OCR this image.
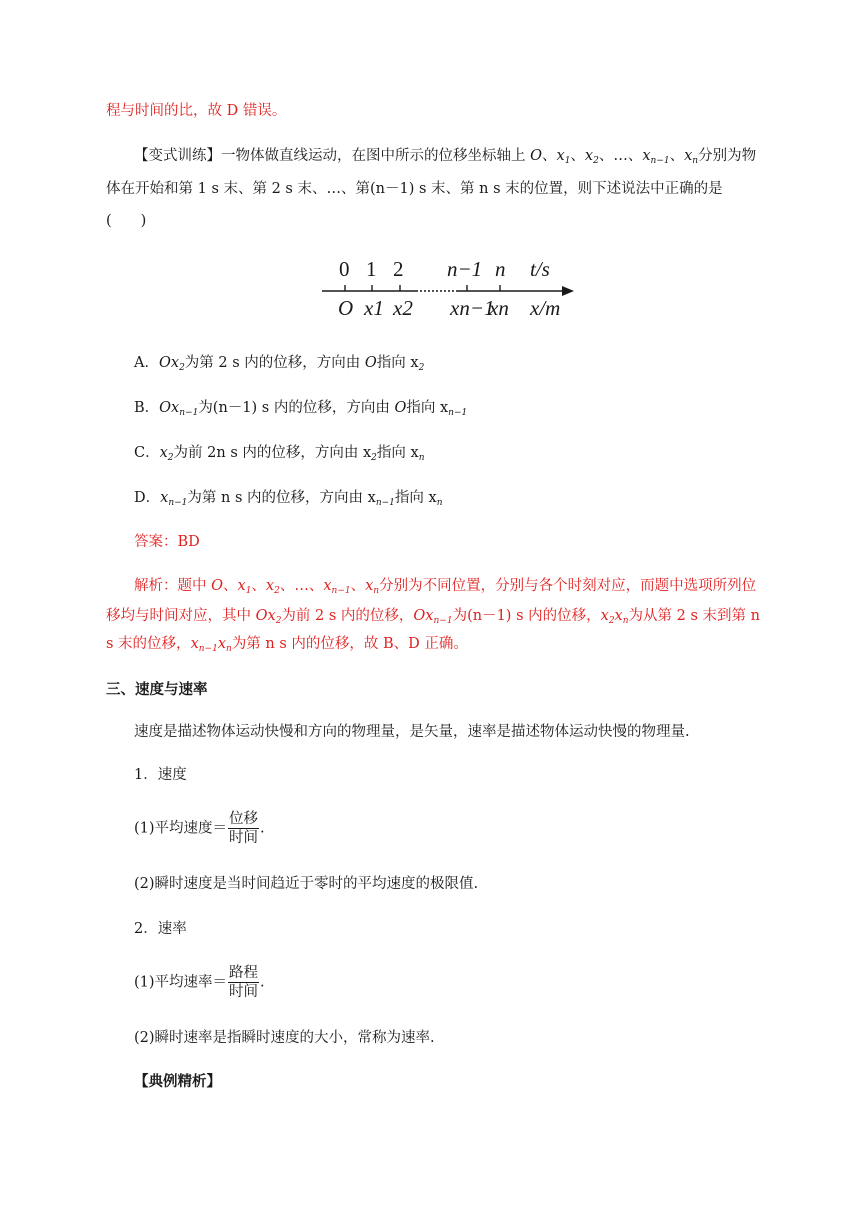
程与时间的比，故 D 错误。
【变式训练】一物体做直线运动，在图中所示的位移坐标轴上 O、$x_1$、$x_2$、…、$x_{n-1}$、$x_n$分别为物
体在开始和第 1 s 末、第 2 s 末、…、第(n－1) s 末、第 n s 末的位置，则下述说法中正确的是
(　　)
0 1 2 n−1 n t/s
O x1 x2 xn−1
xn x/m
A．$Ox_2$为第 2 s 内的位移，方向由 O指向 $x_2$
B．$Ox_{n-1}$为(n－1) s 内的位移，方向由 O指向 $x_{n-1}$
C．$x_2$为前 2n s 内的位移，方向由 $x_2$指向 $x_n$
D．$x_{n-1}$为第 n s 内的位移，方向由 $x_{n-1}$指向 $x_n$
答案：BD
解析：题中 O、$x_1$、$x_2$、…、$x_{n-1}$、$x_n$分别为不同位置，分别与各个时刻对应，而题中选项所列位
移均与时间对应，其中 $Ox_2$为前 2 s 内的位移，$Ox_{n-1}$为(n－1) s 内的位移，$x_2x_n$为从第 2 s 末到第 n
s 末的位移，$x_{n-1}x_n$为第 n s 内的位移，故 B、D 正确。
三、速度与速率
速度是描述物体运动快慢和方向的物理量，是矢量，速率是描述物体运动快慢的物理量.
1．速度
(1)平均速度＝ $\frac{\text{位移}}{\text{时间}}$ .
(2)瞬时速度是当时间趋近于零时的平均速度的极限值.
2．速率
(1)平均速率＝ $\frac{\text{路程}}{\text{时间}}$ .
(2)瞬时速率是指瞬时速度的大小，常称为速率.
【典例精析】
